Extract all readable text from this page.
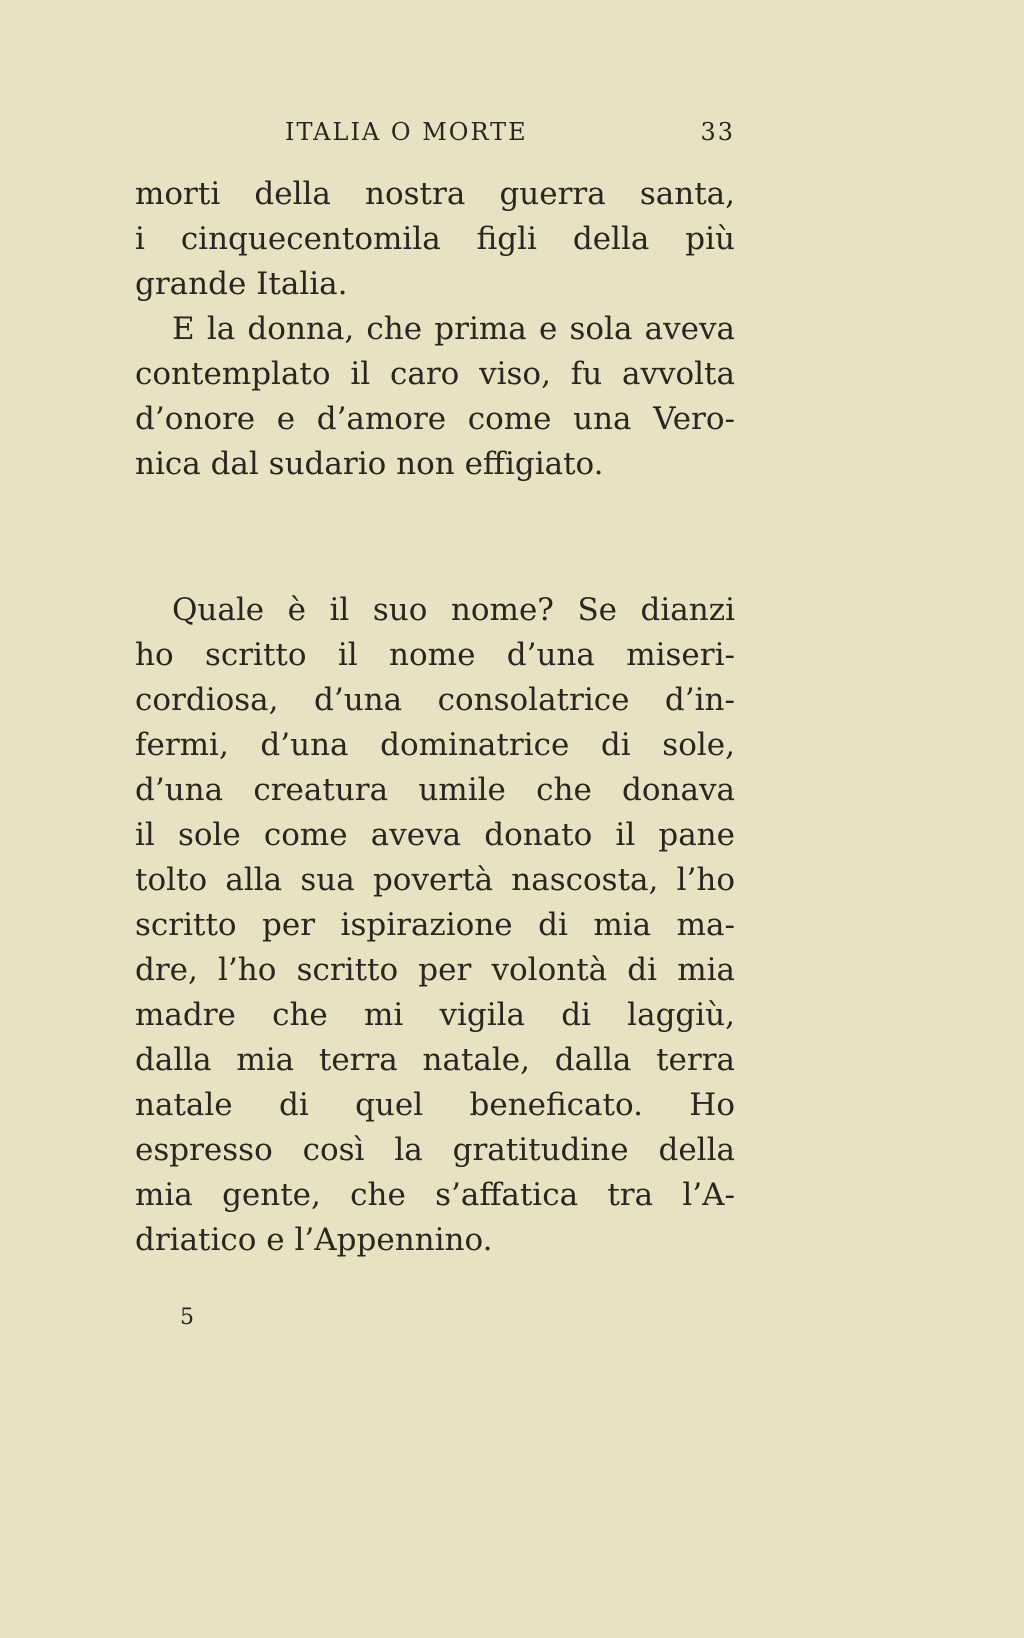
ITALIA O MORTE	33
morti della nostra guerra santa,
i cinquecentomila figli della più
grande Italia.
E la donna, che prima e sola aveva
contemplato il caro viso, fu avvolta
d’onore e d’amore come una Vero-
nica dal sudario non effigiato.
Quale è il suo nome? Se dianzi
ho scritto il nome d’una miseri-
cordiosa, d’una consolatrice d’in-
fermi, d’una dominatrice di sole,
d’una creatura umile che donava
il sole come aveva donato il pane
tolto alla sua povertà nascosta, l’ho
scritto per ispirazione di mia ma-
dre, l’ho scritto per volontà di mia
madre che mi vigila di laggiù,
dalla mia terra natale, dalla terra
natale di quel beneficato. Ho
espresso così la gratitudine della
mia gente, che s’affatica tra l’A-
driatico e l’Appennino.
5
